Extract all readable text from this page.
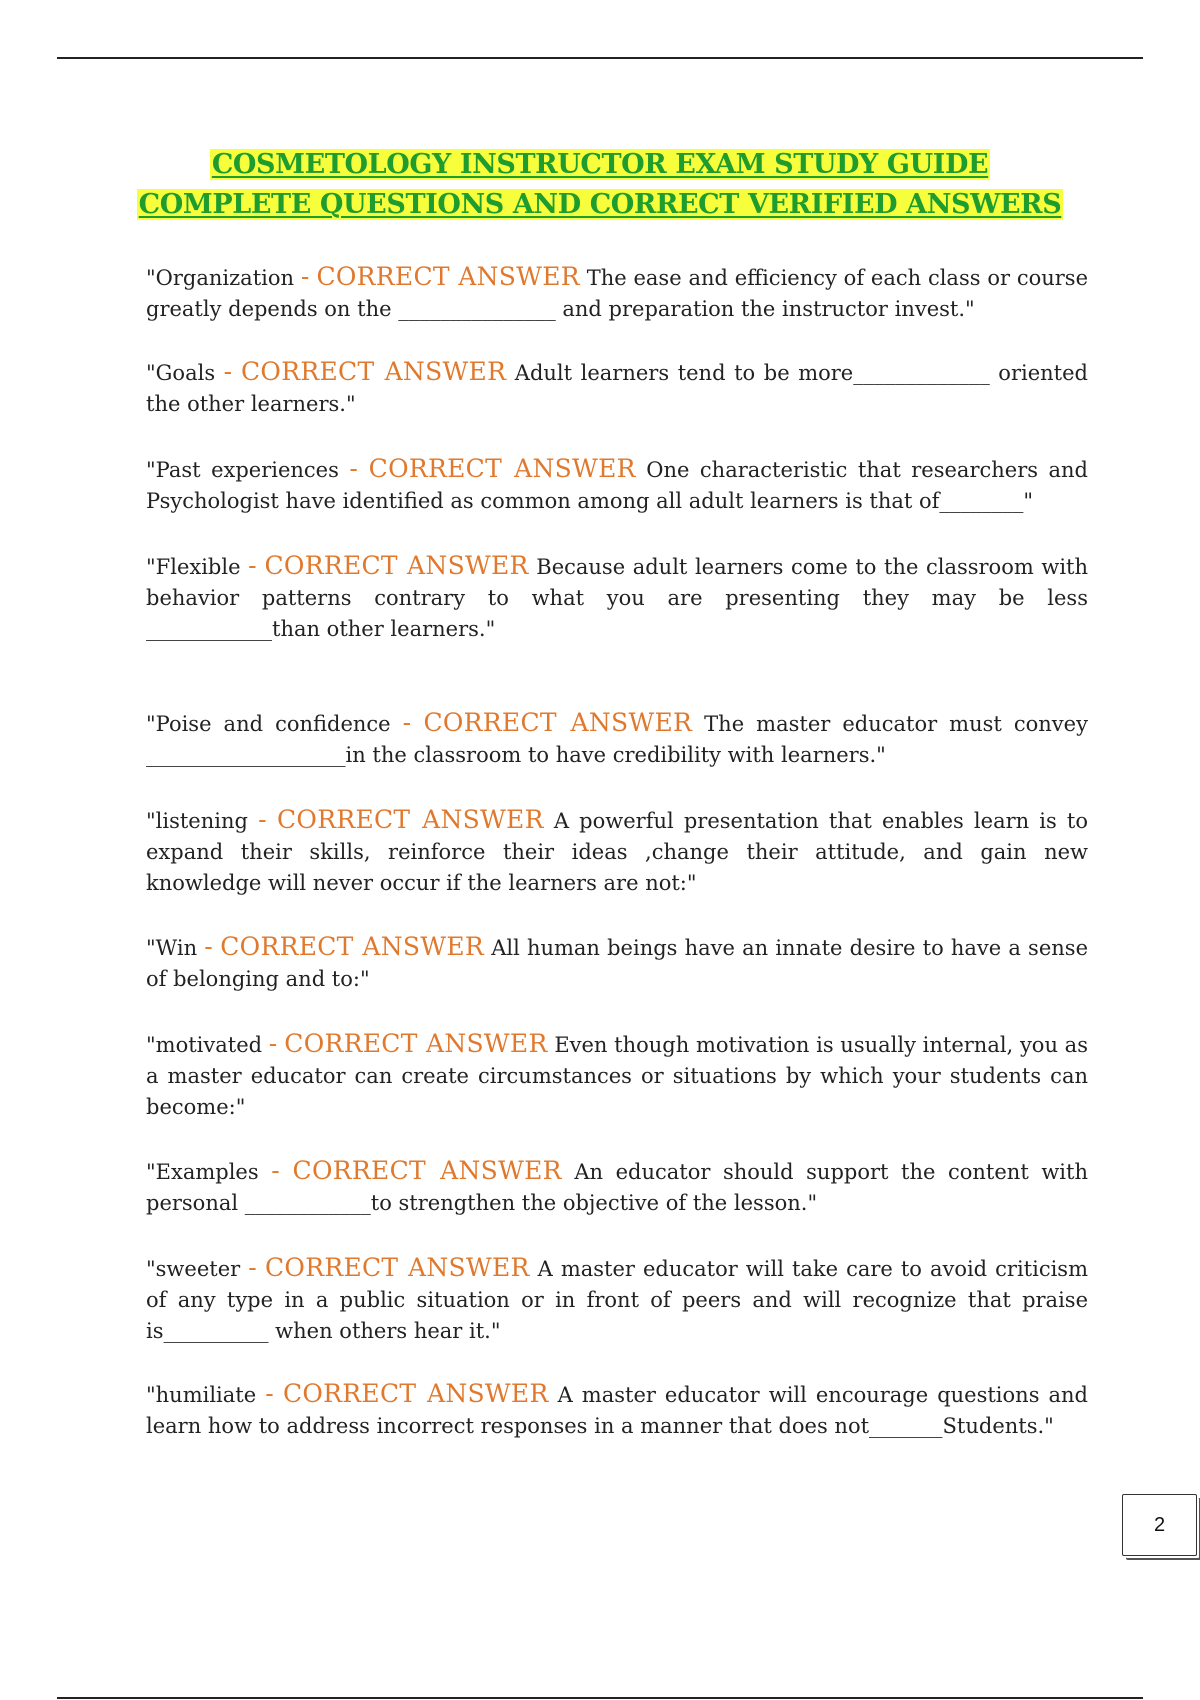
COSMETOLOGY INSTRUCTOR EXAM STUDY GUIDE
COMPLETE QUESTIONS AND CORRECT VERIFIED ANSWERS
"Organization - CORRECT ANSWER The ease and efficiency of each class or course greatly depends on the _______________ and preparation the instructor invest."
"Goals - CORRECT ANSWER Adult learners tend to be more_____________ oriented the other learners."
"Past experiences - CORRECT ANSWER One characteristic that researchers and Psychologist have identified as common among all adult learners is that of________"
"Flexible - CORRECT ANSWER Because adult learners come to the classroom with behavior patterns contrary to what you are presenting they may be less ____________than other learners."
"Poise and confidence - CORRECT ANSWER The master educator must convey ___________________in the classroom to have credibility with learners."
"listening - CORRECT ANSWER A powerful presentation that enables learn is to expand their skills, reinforce their ideas ,change their attitude, and gain new knowledge will never occur if the learners are not:"
"Win - CORRECT ANSWER All human beings have an innate desire to have a sense of belonging and to:"
"motivated - CORRECT ANSWER Even though motivation is usually internal, you as a master educator can create circumstances or situations by which your students can become:"
"Examples - CORRECT ANSWER An educator should support the content with personal ____________to strengthen the objective of the lesson."
"sweeter - CORRECT ANSWER A master educator will take care to avoid criticism of any type in a public situation or in front of peers and will recognize that praise is__________ when others hear it."
"humiliate - CORRECT ANSWER A master educator will encourage questions and learn how to address incorrect responses in a manner that does not_______Students."
2
